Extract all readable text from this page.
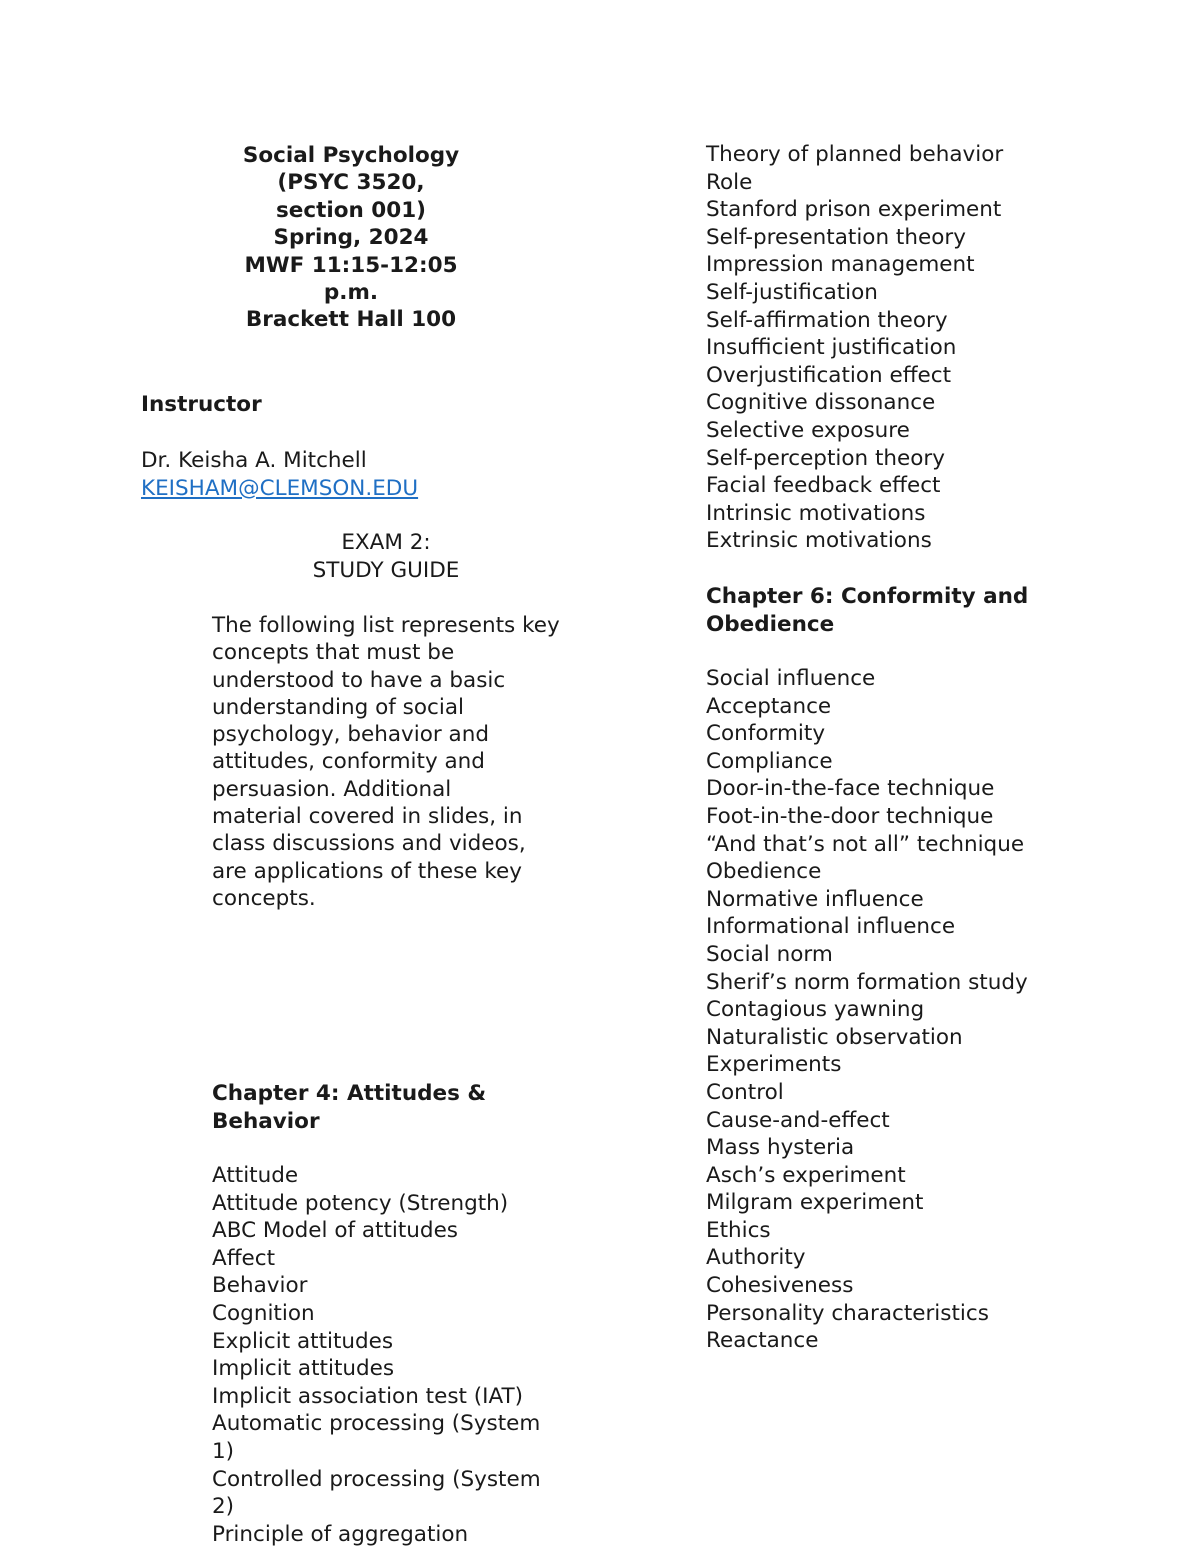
Social Psychology
(PSYC 3520,
section 001)
Spring, 2024
MWF 11:15-12:05
p.m.
Brackett Hall 100
Instructor
Dr. Keisha A. Mitchell
KEISHAM@CLEMSON.EDU
EXAM 2:
STUDY GUIDE
The following list represents key
concepts that must be
understood to have a basic
understanding of social
psychology, behavior and
attitudes, conformity and
persuasion. Additional
material covered in slides, in
class discussions and videos,
are applications of these key
concepts.
Chapter 4: Attitudes &
Behavior
Attitude
Attitude potency (Strength)
ABC Model of attitudes
Affect
Behavior
Cognition
Explicit attitudes
Implicit attitudes
Implicit association test (IAT)
Automatic processing (System
1)
Controlled processing (System
2)
Principle of aggregation
Theory of planned behavior
Role
Stanford prison experiment
Self-presentation theory
Impression management
Self-justification
Self-affirmation theory
Insufficient justification
Overjustification effect
Cognitive dissonance
Selective exposure
Self-perception theory
Facial feedback effect
Intrinsic motivations
Extrinsic motivations
Chapter 6: Conformity and
Obedience
Social influence
Acceptance
Conformity
Compliance
Door-in-the-face technique
Foot-in-the-door technique
“And that’s not all” technique
Obedience
Normative influence
Informational influence
Social norm
Sherif’s norm formation study
Contagious yawning
Naturalistic observation
Experiments
Control
Cause-and-effect
Mass hysteria
Asch’s experiment
Milgram experiment
Ethics
Authority
Cohesiveness
Personality characteristics
Reactance
